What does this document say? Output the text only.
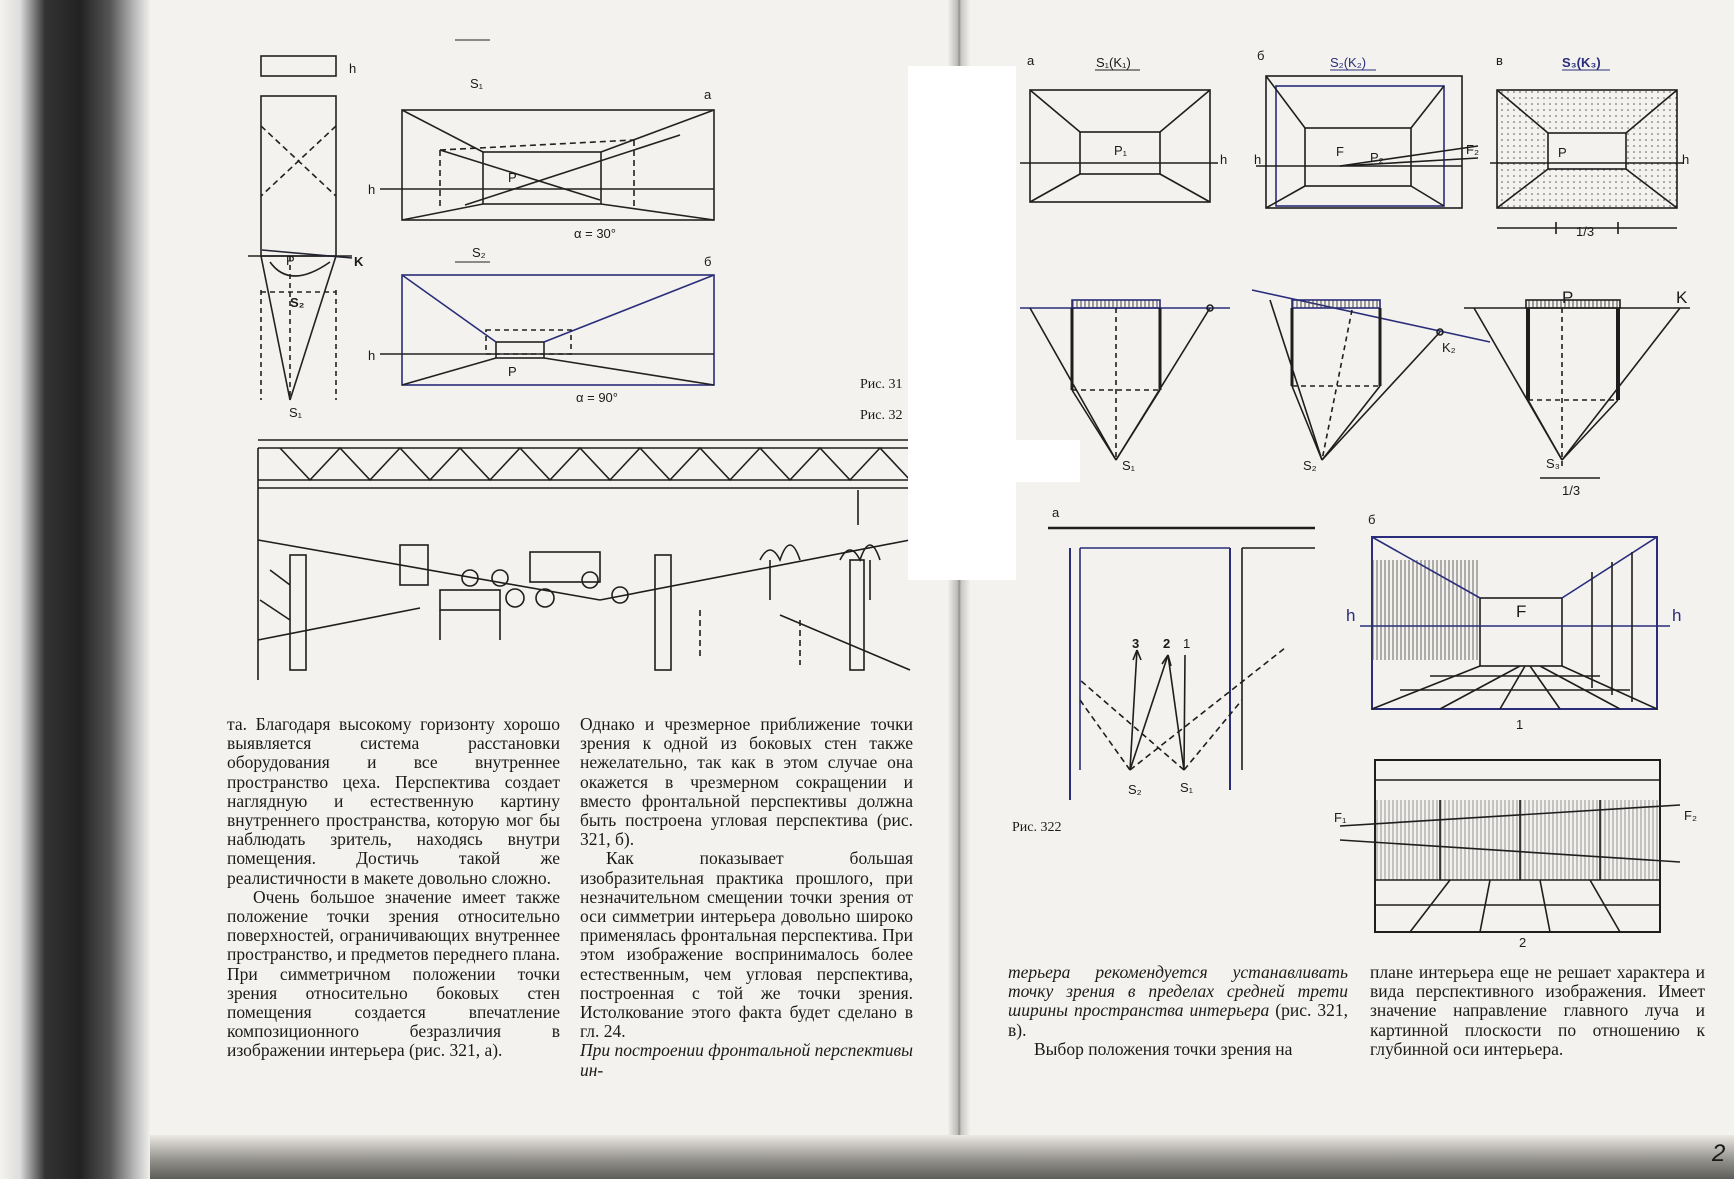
h
S₁
а
h
P
α = 30°
S₂
б
h
P
α = 90°
K
S₂
S₁
P
Рис. 31
Рис. 32

та. Благодаря высокому горизонту хорошо выявляется система расстановки оборудования и все внутреннее пространство цеха. Перспектива создает наглядную и естественную картину внутреннего пространства, которую мог бы наблюдать зритель, находясь внутри помещения. Достичь такой же реалистичности в макете довольно сложно.

Очень большое значение имеет также положение точки зрения относительно поверхностей, ограничивающих внутреннее пространство, и предметов переднего плана. При симметричном положении точки зрения относительно боковых стен помещения создается впечатление композиционного безразличия в изображении интерьера (рис. 321, а).

Однако и чрезмерное приближение точки зрения к одной из боковых стен также нежелательно, так как в этом случае она окажется в чрезмерном сокращении и вместо фронтальной перспективы должна быть построена угловая перспектива (рис. 321, б).

Как показывает большая изобразительная практика прошлого, при незначительном смещении точки зрения от оси симметрии интерьера довольно широко применялась фронтальная перспектива. При этом изображение воспринималось более естественным, чем угловая перспектива, построенная с той же точки зрения. Истолкование этого факта будет сделано в гл. 24.

При построении фронтальной перспективы ин-

а	S₁(K₁)	б	S₂(K₂)	в	S₃(K₃)
P₁
h h
F P₂
F₂	P	h
1/3
S₁	S₂
K₂
P	K
S₃
1/3
а	б
3 2 1
S₂	S₁
h	F	h
1
F₁	F₂
2
Рис. 322

терьера рекомендуется устанавливать точку зрения в пределах средней трети ширины пространства интерьера (рис. 321, в).

Выбор положения точки зрения на

плане интерьера еще не решает характера и вида перспективного изображения. Имеет значение направление главного луча и картинной плоскости по отношению к глубинной оси интерьера.

2
